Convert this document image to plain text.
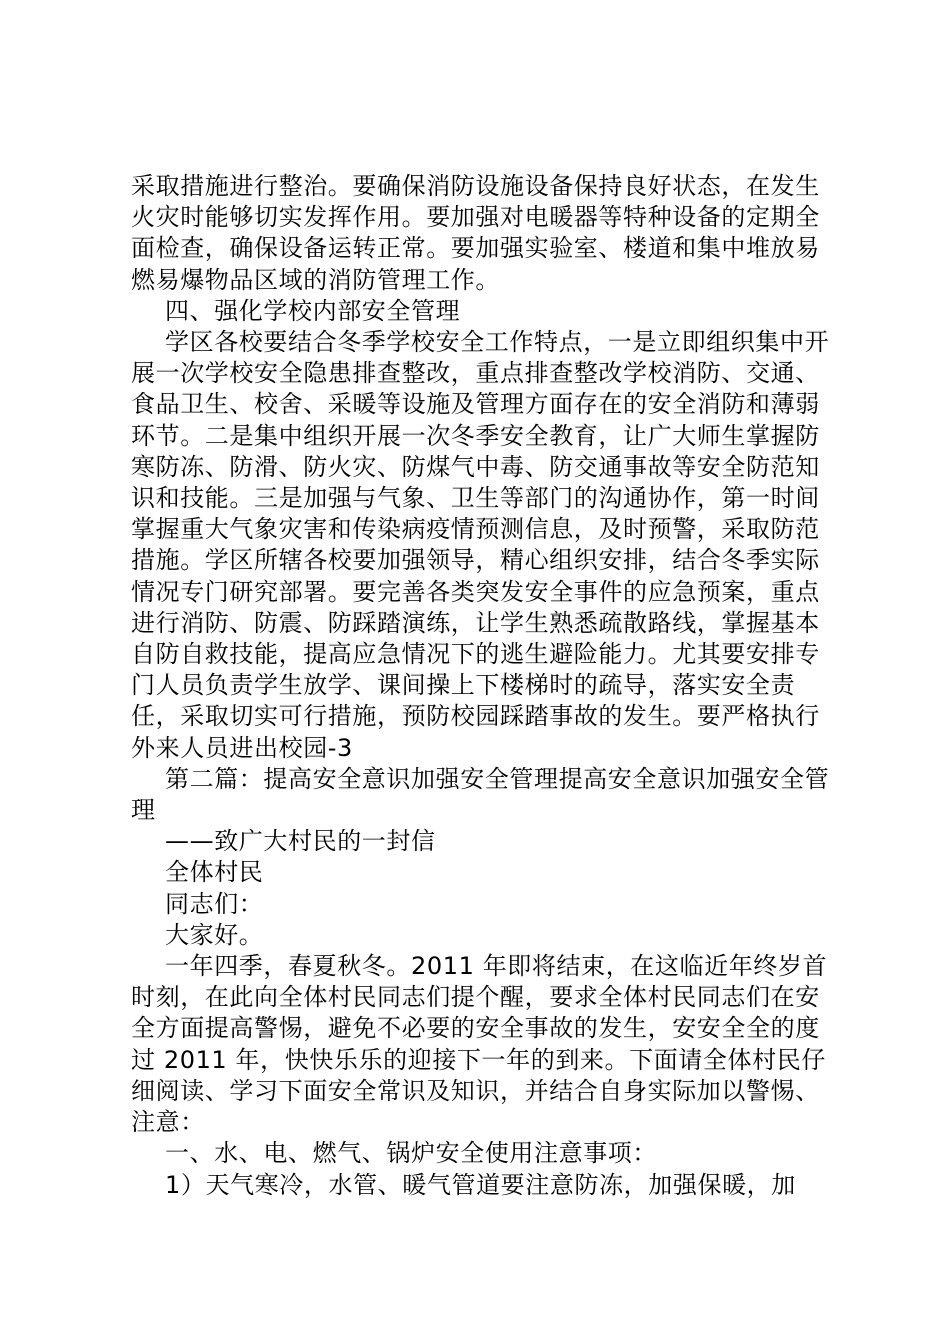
采取措施进行整治。要确保消防设施设备保持良好状态，在发生火灾时能够切实发挥作用。要加强对电暖器等特种设备的定期全面检查，确保设备运转正常。要加强实验室、楼道和集中堆放易燃易爆物品区域的消防管理工作。

四、强化学校内部安全管理

学区各校要结合冬季学校安全工作特点，一是立即组织集中开展一次学校安全隐患排查整改，重点排查整改学校消防、交通、食品卫生、校舍、采暖等设施及管理方面存在的安全消防和薄弱环节。二是集中组织开展一次冬季安全教育，让广大师生掌握防寒防冻、防滑、防火灾、防煤气中毒、防交通事故等安全防范知识和技能。三是加强与气象、卫生等部门的沟通协作，第一时间掌握重大气象灾害和传染病疫情预测信息，及时预警，采取防范措施。学区所辖各校要加强领导，精心组织安排，结合冬季实际情况专门研究部署。要完善各类突发安全事件的应急预案，重点进行消防、防震、防踩踏演练，让学生熟悉疏散路线，掌握基本自防自救技能，提高应急情况下的逃生避险能力。尤其要安排专门人员负责学生放学、课间操上下楼梯时的疏导，落实安全责任，采取切实可行措施，预防校园踩踏事故的发生。要严格执行外来人员进出校园-3

第二篇：提高安全意识加强安全管理提高安全意识加强安全管理

——致广大村民的一封信

全体村民

同志们：

大家好。

一年四季，春夏秋冬。2011 年即将结束，在这临近年终岁首时刻，在此向全体村民同志们提个醒，要求全体村民同志们在安全方面提高警惕，避免不必要的安全事故的发生，安安全全的度过 2011 年，快快乐乐的迎接下一年的到来。下面请全体村民仔细阅读、学习下面安全常识及知识，并结合自身实际加以警惕、注意：

一、水、电、燃气、锅炉安全使用注意事项：

1）天气寒冷，水管、暖气管道要注意防冻，加强保暖，加
